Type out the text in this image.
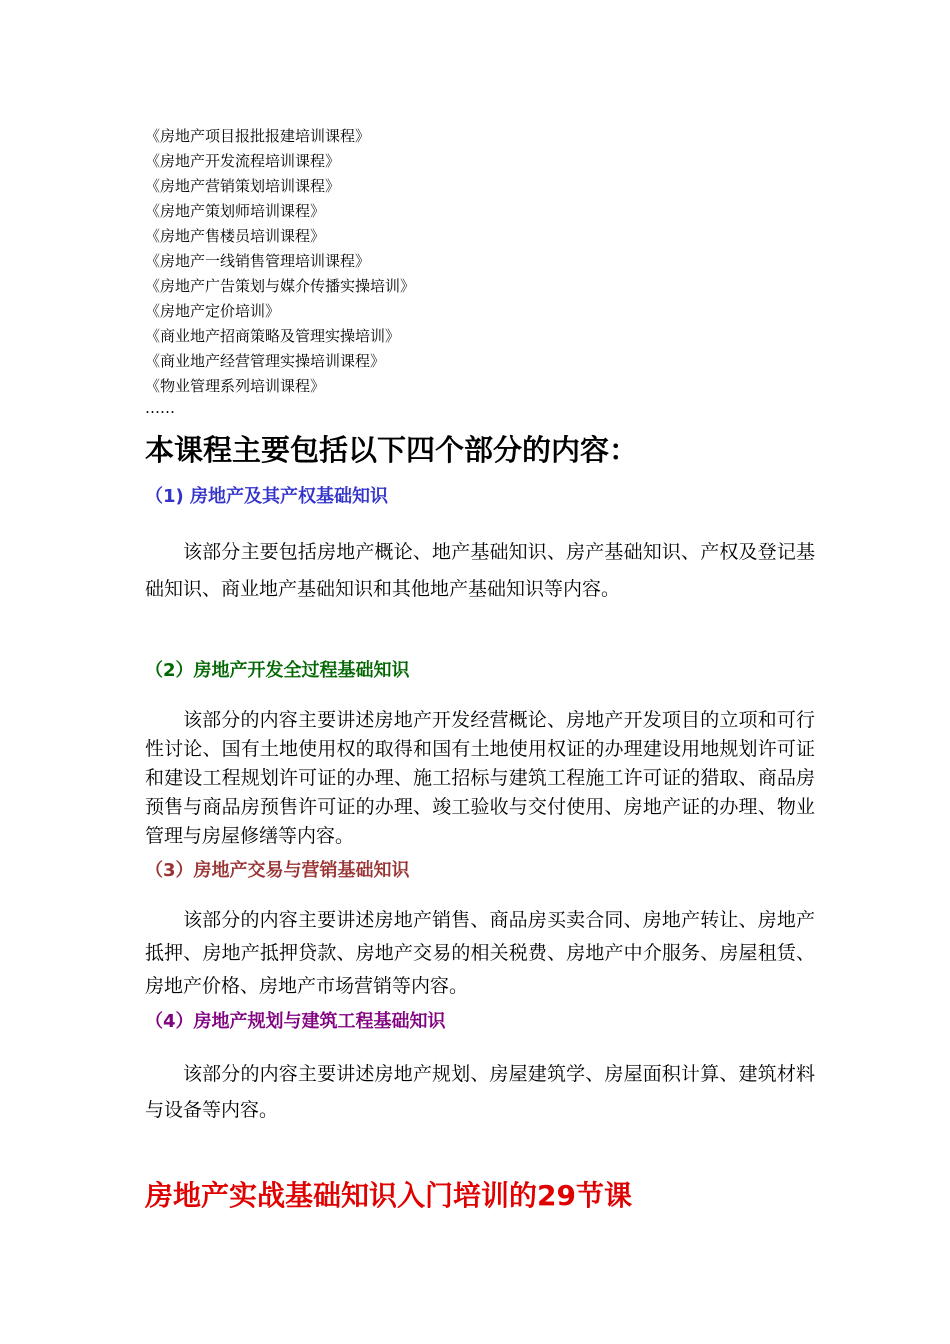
《房地产项目报批报建培训课程》
《房地产开发流程培训课程》
《房地产营销策划培训课程》
《房地产策划师培训课程》
《房地产售楼员培训课程》
《房地产一线销售管理培训课程》
《房地产广告策划与媒介传播实操培训》
《房地产定价培训》
《商业地产招商策略及管理实操培训》
《商业地产经营管理实操培训课程》
《物业管理系列培训课程》

……

本课程主要包括以下四个部分的内容：
（1) 房地产及其产权基础知识

该部分主要包括房地产概论、地产基础知识、房产基础知识、产权及登记基础知识、商业地产基础知识和其他地产基础知识等内容。

（2）房地产开发全过程基础知识

该部分的内容主要讲述房地产开发经营概论、房地产开发项目的立项和可行性讨论、国有土地使用权的取得和国有土地使用权证的办理建设用地规划许可证和建设工程规划许可证的办理、施工招标与建筑工程施工许可证的猎取、商品房预售与商品房预售许可证的办理、竣工验收与交付使用、房地产证的办理、物业管理与房屋修缮等内容。

（3）房地产交易与营销基础知识

该部分的内容主要讲述房地产销售、商品房买卖合同、房地产转让、房地产抵押、房地产抵押贷款、房地产交易的相关税费、房地产中介服务、房屋租赁、房地产价格、房地产市场营销等内容。

（4）房地产规划与建筑工程基础知识

该部分的内容主要讲述房地产规划、房屋建筑学、房屋面积计算、建筑材料与设备等内容。

房地产实战基础知识入门培训的29节课
